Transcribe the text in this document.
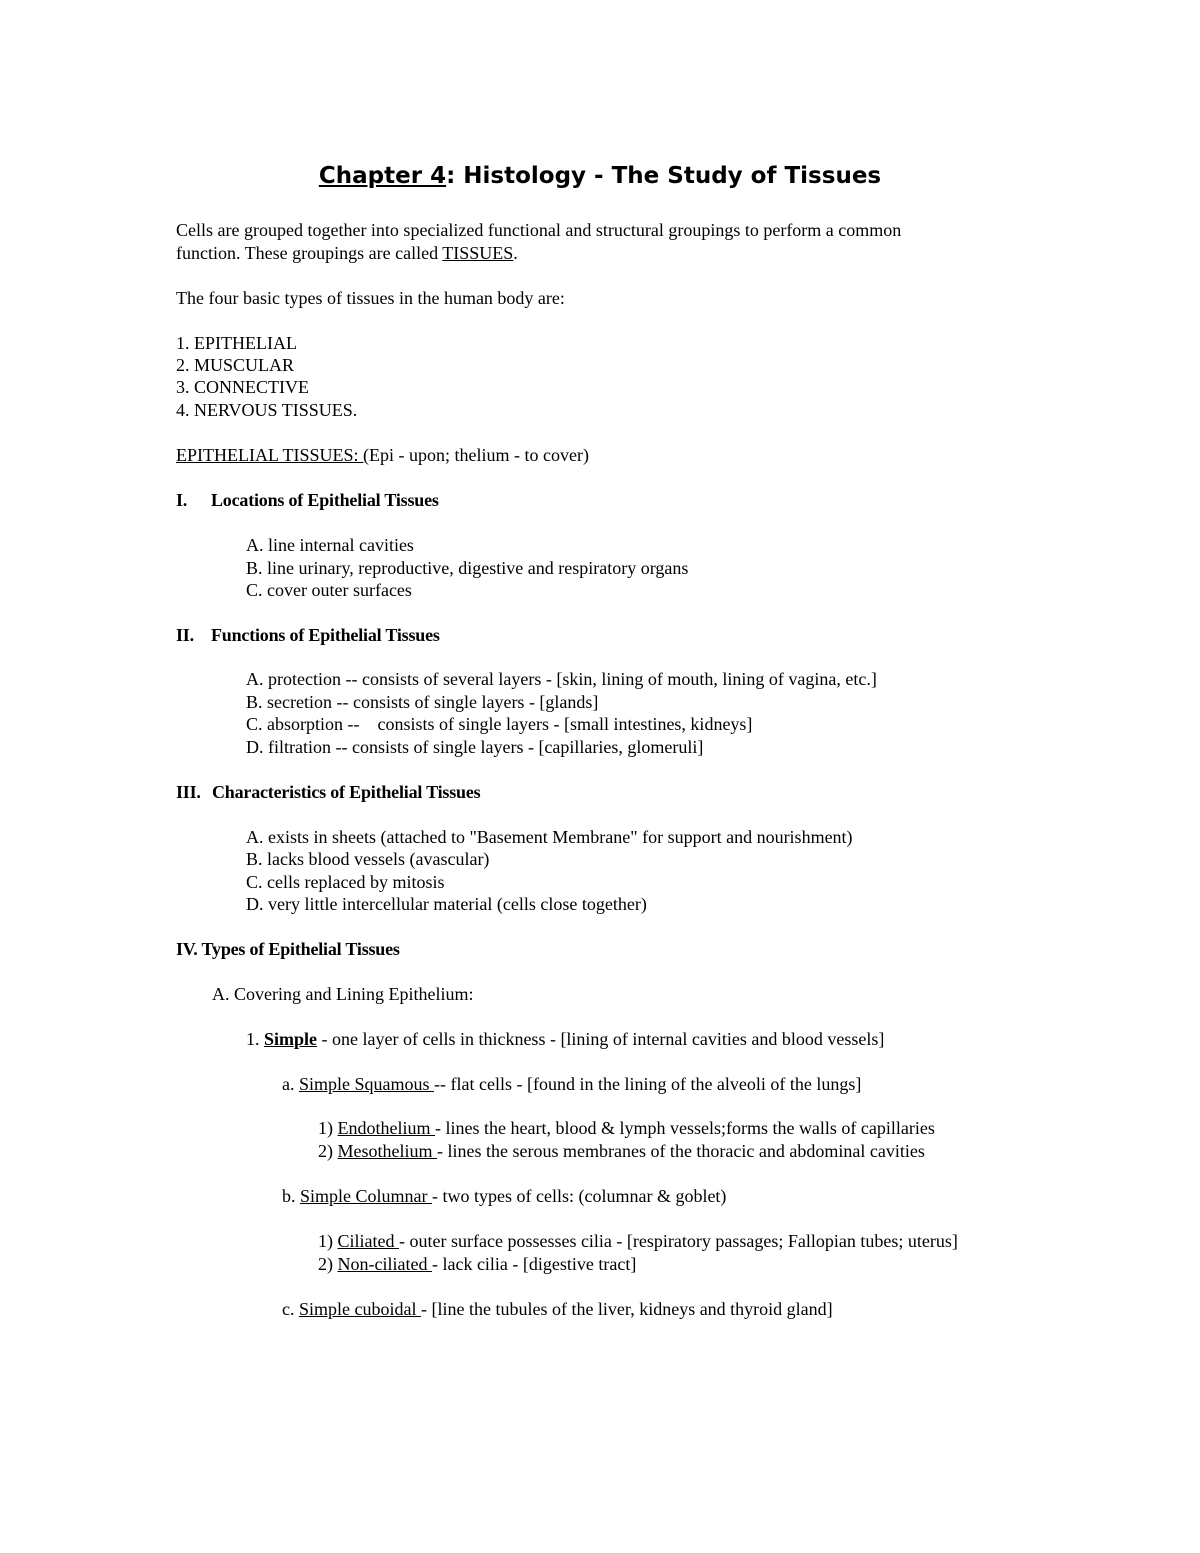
Chapter 4: Histology - The Study of Tissues
Cells are grouped together into specialized functional and structural groupings to perform a common
function. These groupings are called TISSUES.
The four basic types of tissues in the human body are:
1. EPITHELIAL
2. MUSCULAR
3. CONNECTIVE
4. NERVOUS TISSUES.
EPITHELIAL TISSUES: (Epi - upon; thelium - to cover)
I. Locations of Epithelial Tissues
A. line internal cavities
B. line urinary, reproductive, digestive and respiratory organs
C. cover outer surfaces
II. Functions of Epithelial Tissues
A. protection -- consists of several layers - [skin, lining of mouth, lining of vagina, etc.]
B. secretion -- consists of single layers - [glands]
C. absorption --    consists of single layers - [small intestines, kidneys]
D. filtration -- consists of single layers - [capillaries, glomeruli]
III. Characteristics of Epithelial Tissues
A. exists in sheets (attached to "Basement Membrane" for support and nourishment)
B. lacks blood vessels (avascular)
C. cells replaced by mitosis
D. very little intercellular material (cells close together)
IV. Types of Epithelial Tissues
A. Covering and Lining Epithelium:
1. Simple - one layer of cells in thickness - [lining of internal cavities and blood vessels]
a. Simple Squamous -- flat cells - [found in the lining of the alveoli of the lungs]
1) Endothelium - lines the heart, blood & lymph vessels;forms the walls of capillaries
2) Mesothelium - lines the serous membranes of the thoracic and abdominal cavities
b. Simple Columnar - two types of cells: (columnar & goblet)
1) Ciliated - outer surface possesses cilia - [respiratory passages; Fallopian tubes; uterus]
2) Non-ciliated - lack cilia - [digestive tract]
c. Simple cuboidal - [line the tubules of the liver, kidneys and thyroid gland]
